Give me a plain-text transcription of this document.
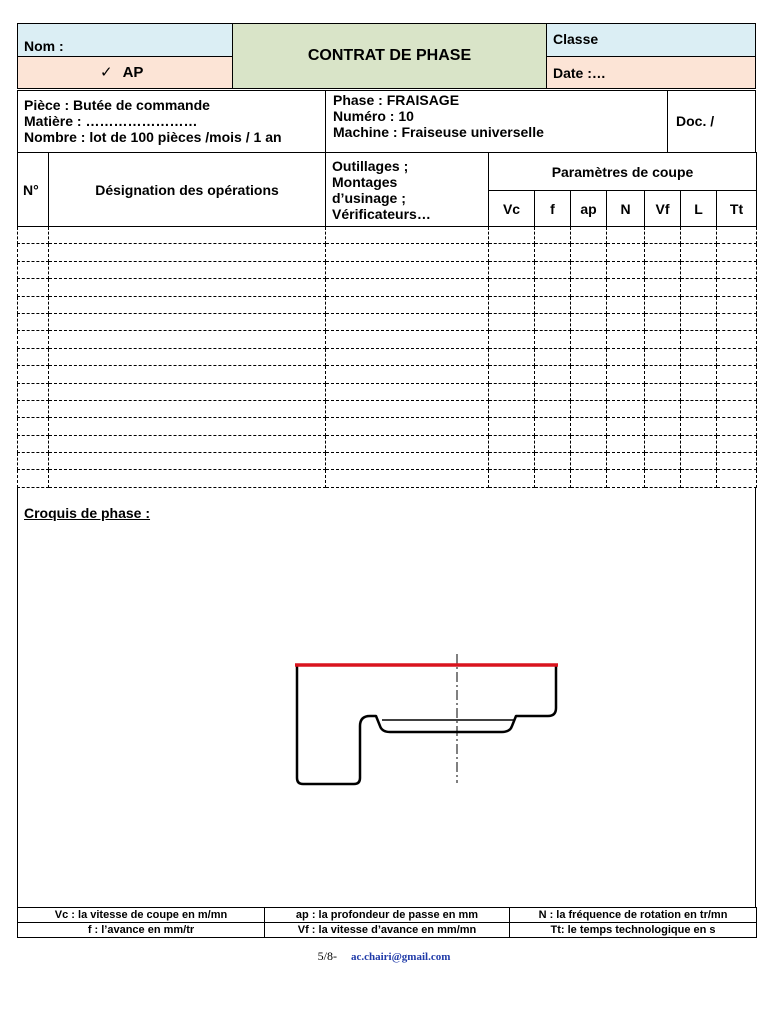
Nom :
✓ AP
CONTRAT DE PHASE
Classe
Date :…
Pièce : Butée de commande
Matière : ……………………
Nombre : lot de 100 pièces /mois / 1 an
Phase : FRAISAGE
Numéro : 10
Machine : Fraiseuse universelle
Doc. /
N°	Désignation des opérations	Outillages ;
Montages
d’usinage ;
Vérificateurs…	Paramètres de coupe						
			Vc	f	ap	N	Vf	L	Tt

Croquis de phase :
Vc : la vitesse de coupe en m/mn	ap : la profondeur de passe en mm	N : la fréquence de rotation en tr/mn
f : l’avance en mm/tr	Vf : la vitesse d’avance en mm/mn	Tt: le temps technologique en s
5/8- ac.chairi@gmail.com
